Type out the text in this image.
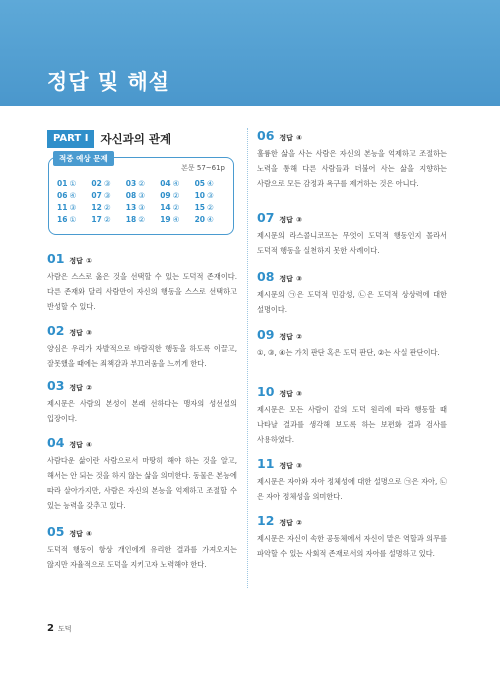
정답 및 해설
PART Ⅰ	자신과의 관계
적중 예상 문제
본문 57~61p
01 ①	02 ③	03 ②	04 ④	05 ④
06 ④	07 ③	08 ③	09 ②	10 ③
11 ③	12 ②	13 ③	14 ②	15 ②
16 ①	17 ②	18 ②	19 ④	20 ④
01 정답 ①
사람은 스스로 옳은 것을 선택할 수 있는 도덕적 존재이다. 다른 존재와 달리 사람만이 자신의 행동을 스스로 선택하고 반성할 수 있다.
02 정답 ③
양심은 우리가 자발적으로 바람직한 행동을 하도록 이끌고, 잘못했을 때에는 죄책감과 부끄러움을 느끼게 한다.
03 정답 ②
제시문은 사람의 본성이 본래 선하다는 맹자의 성선설의 입장이다.
04 정답 ④
사람다운 삶이란 사람으로서 마땅히 해야 하는 것을 알고, 해서는 안 되는 것을 하지 않는 삶을 의미한다. 동물은 본능에 따라 살아가지만, 사람은 자신의 본능을 억제하고 조절할 수 있는 능력을 갖추고 있다.
05 정답 ④
도덕적 행동이 항상 개인에게 유리한 결과를 가져오지는 않지만 자율적으로 도덕을 지키고자 노력해야 한다.
06 정답 ④
훌륭한 삶을 사는 사람은 자신의 본능을 억제하고 조절하는 노력을 통해 다른 사람들과 더불어 사는 삶을 지향하는 사람으로 모든 감정과 욕구를 제거하는 것은 아니다.
07 정답 ③
제시문의 라스콜니코프는 무엇이 도덕적 행동인지 몰라서 도덕적 행동을 실천하지 못한 사례이다.
08 정답 ③
제시문의 ㉠은 도덕적 민감성, ㉡은 도덕적 상상력에 대한 설명이다.
09 정답 ②
①, ③, ④는 가치 판단 혹은 도덕 판단, ②는 사실 판단이다.
10 정답 ③
제시문은 모든 사람이 같의 도덕 원리에 따라 행동할 때 나타날 결과를 생각해 보도록 하는 보편화 결과 검사를 사용하였다.
11 정답 ③
제시문은 자아와 자아 정체성에 대한 설명으로 ㉠은 자아, ㉡은 자아 정체성을 의미한다.
12 정답 ②
제시문은 자신이 속한 공동체에서 자신이 맡은 역할과 의무를 파악할 수 있는 사회적 존재로서의 자아를 설명하고 있다.
2 도덕
